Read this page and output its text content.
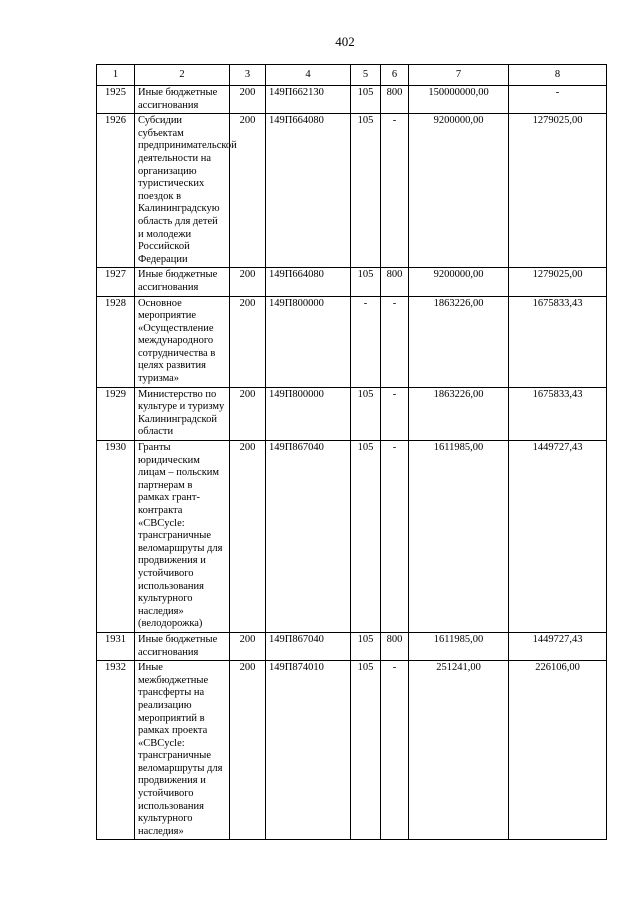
402
1	2	3	4	5	6	7	8
1925	Иные бюджетные ассигнования	200	149П662130	105	800	150000000,00	-
1926	Субсидии субъектам предпринимательской деятельности на организацию туристических поездок в Калининградскую область для детей и молодежи Российской Федерации	200	149П664080	105	-	9200000,00	1279025,00
1927	Иные бюджетные ассигнования	200	149П664080	105	800	9200000,00	1279025,00
1928	Основное мероприятие «Осуществление международного сотрудничества в целях развития туризма»	200	149П800000	-	-	1863226,00	1675833,43
1929	Министерство по культуре и туризму Калининградской области	200	149П800000	105	-	1863226,00	1675833,43
1930	Гранты юридическим лицам – польским партнерам в рамках грант-контракта «CBCycle: трансграничные веломаршруты для продвижения и устойчивого использования культурного наследия» (велодорожка)	200	149П867040	105	-	1611985,00	1449727,43
1931	Иные бюджетные ассигнования	200	149П867040	105	800	1611985,00	1449727,43
1932	Иные межбюджетные трансферты на реализацию мероприятий в рамках проекта «CBCycle: трансграничные веломаршруты для продвижения и устойчивого использования культурного наследия»	200	149П874010	105	-	251241,00	226106,00
